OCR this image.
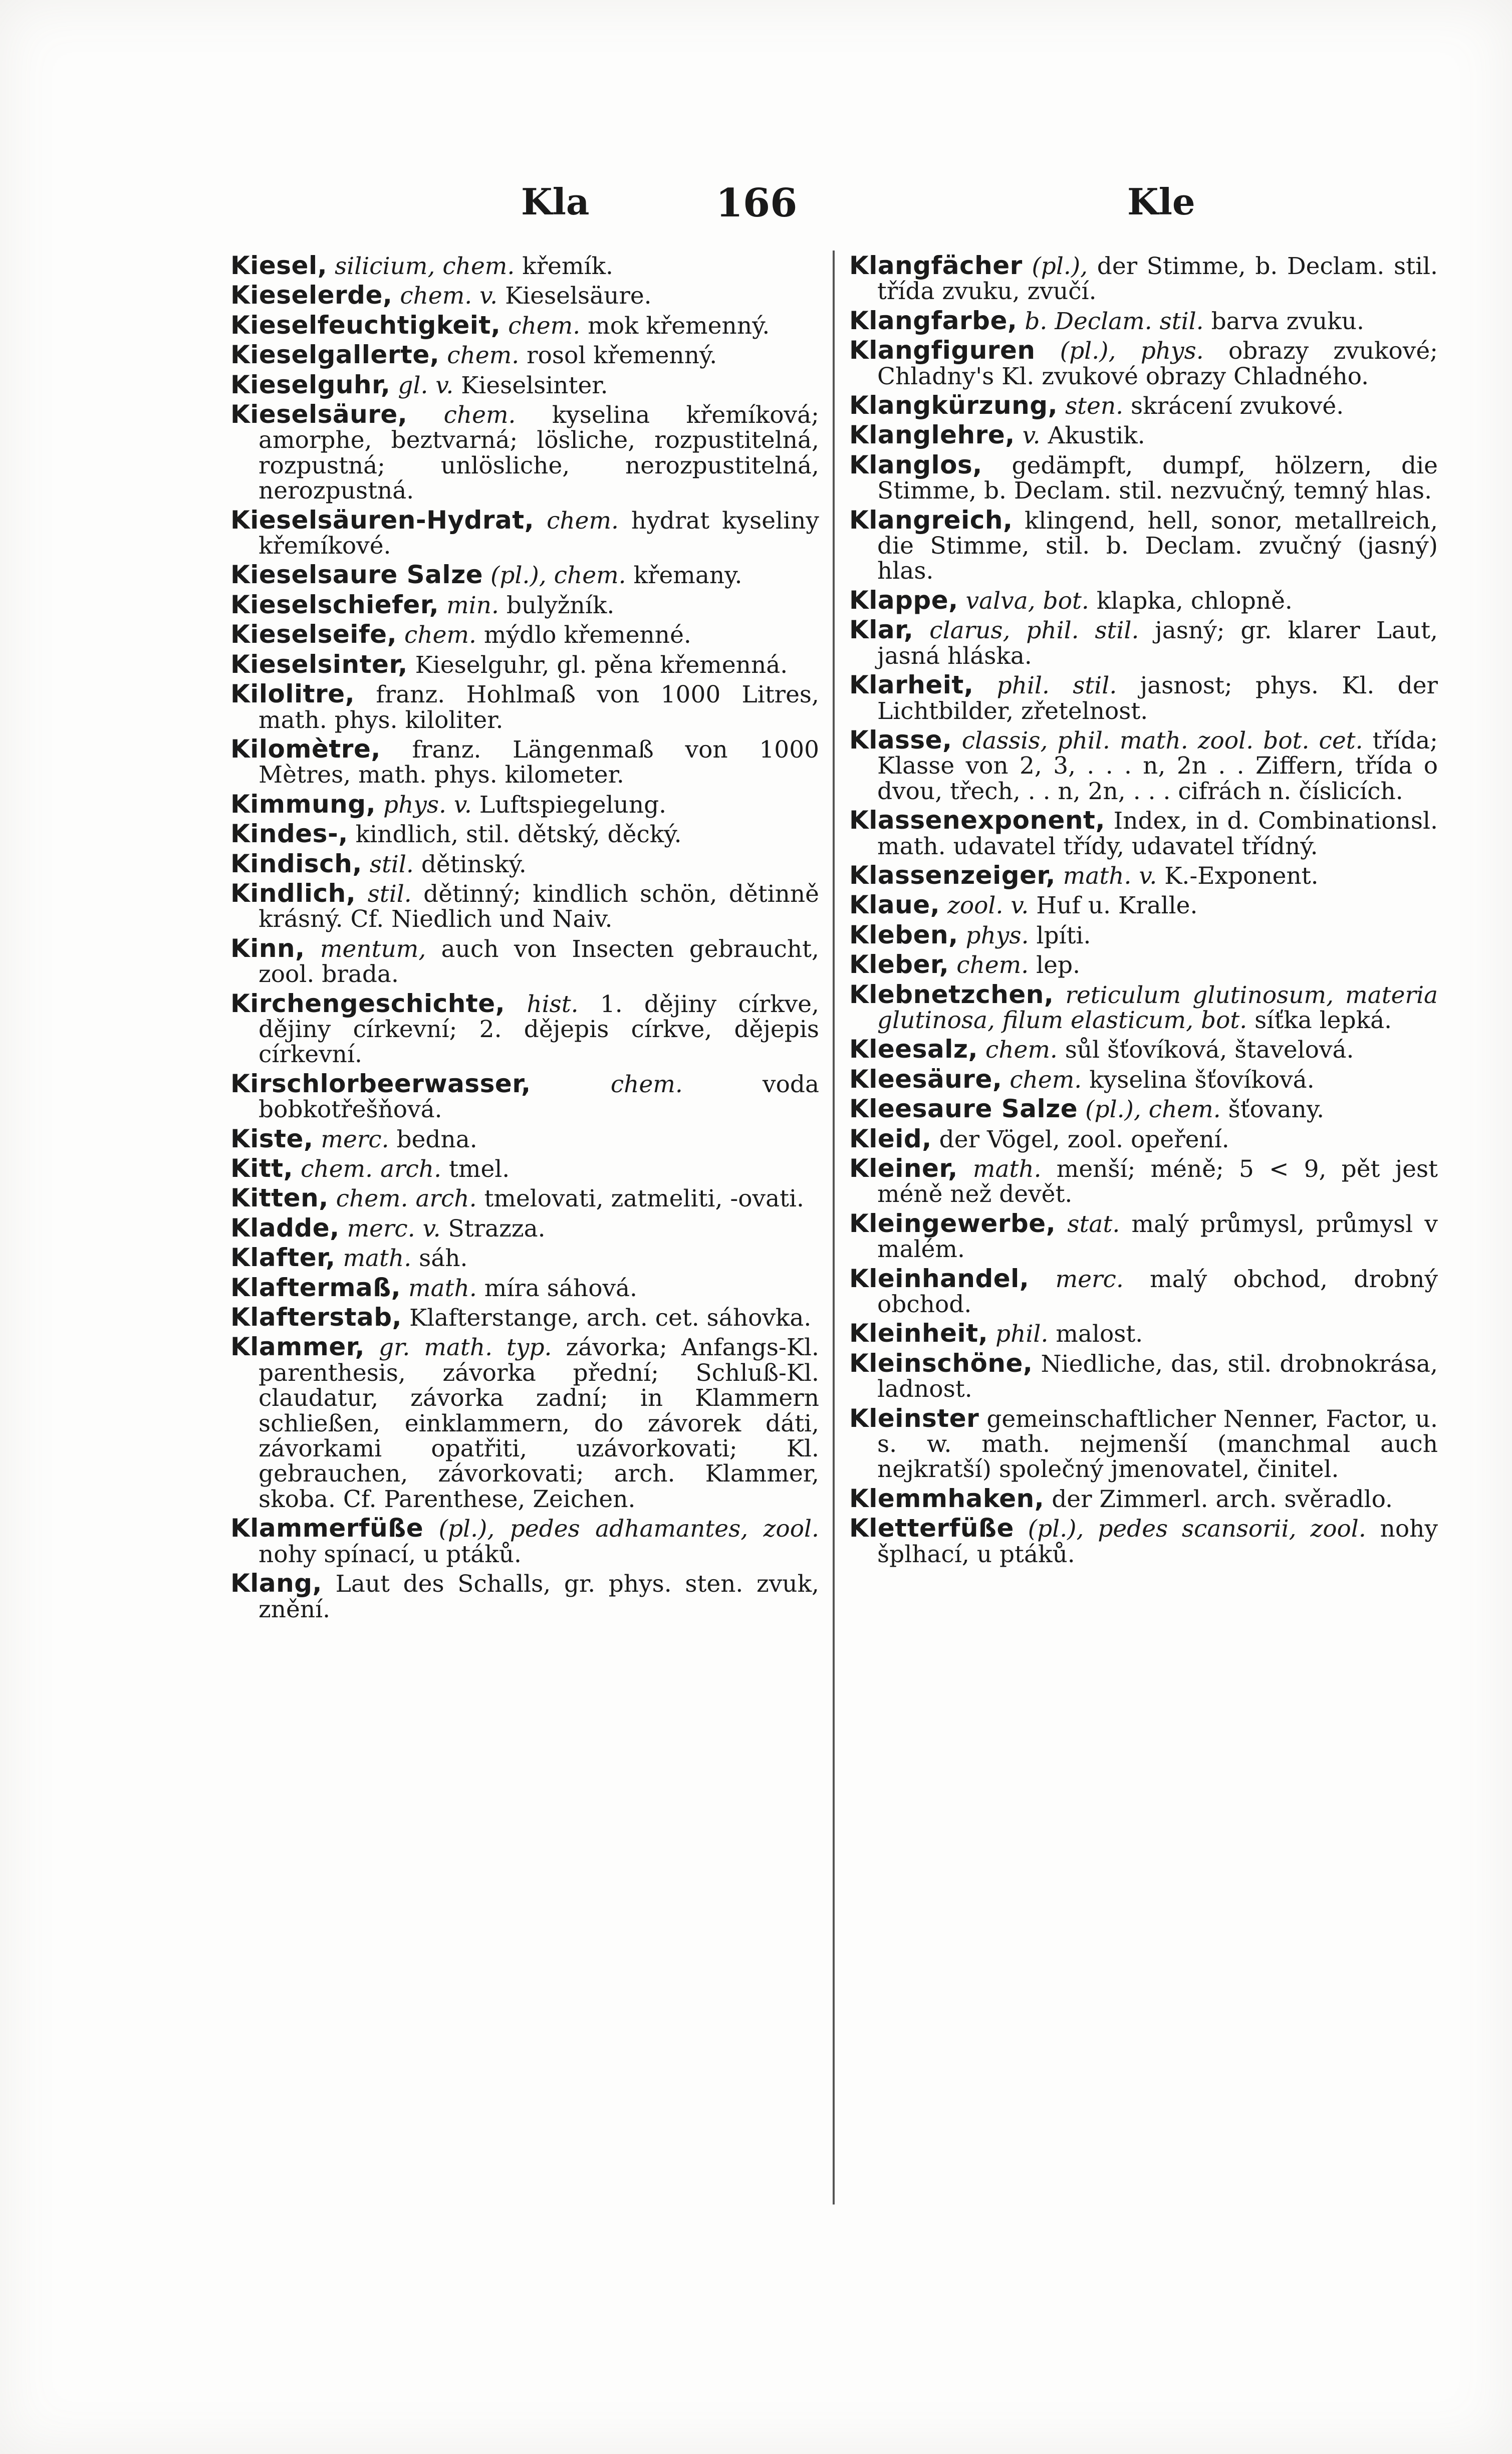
Kla	166	Kle

Kiesel, silicium, chem. křemík.

Kieselerde, chem. v. Kieselsäure.

Kieselfeuchtigkeit, chem. mok křemenný.

Kieselgallerte, chem. rosol křemenný.

Kieselguhr, gl. v. Kieselsinter.

Kieselsäure, chem. kyselina křemíková; amorphe, beztvarná; lösliche, rozpustitelná, rozpustná; unlösliche, nerozpustitelná, nerozpustná.

Kieselsäuren-Hydrat, chem. hydrat kyseliny křemíkové.

Kieselsaure Salze (pl.), chem. křemany.

Kieselschiefer, min. bulyžník.

Kieselseife, chem. mýdlo křemenné.

Kieselsinter, Kieselguhr, gl. pěna křemenná.

Kilolitre, franz. Hohlmaß von 1000 Litres, math. phys. kiloliter.

Kilomètre, franz. Längenmaß von 1000 Mètres, math. phys. kilometer.

Kimmung, phys. v. Luftspiegelung.

Kindes-, kindlich, stil. dětský, děcký.

Kindisch, stil. dětinský.

Kindlich, stil. dětinný; kindlich schön, dětinně krásný. Cf. Niedlich und Naiv.

Kinn, mentum, auch von Insecten gebraucht, zool. brada.

Kirchengeschichte, hist. 1. dějiny církve, dějiny církevní; 2. dějepis církve, dějepis církevní.

Kirschlorbeerwasser,	chem.	voda bobkotřešňová.

Kiste, merc. bedna.

Kitt, chem. arch. tmel.

Kitten, chem. arch. tmelovati, zatmeliti, -ovati.

Kladde, merc. v. Strazza.

Klafter, math. sáh.

Klaftermaß, math. míra sáhová.

Klafterstab, Klafterstange, arch. cet. sáhovka.

Klammer, gr. math. typ. závorka; Anfangs-Kl. parenthesis, závorka přední; Schluß-Kl. claudatur, závorka zadní; in Klammern schließen, einklammern, do závorek dáti, závorkami opatřiti, uzávorkovati; Kl. gebrauchen, závorkovati; arch. Klammer, skoba. Cf. Parenthese, Zeichen.

Klammerfüße (pl.), pedes adhamantes, zool. nohy spínací, u ptáků.

Klang, Laut des Schalls, gr. phys. sten. zvuk, znění.

Klangfächer (pl.), der Stimme, b. Declam. stil. třída zvuku, zvučí.

Klangfarbe, b. Declam. stil. barva zvuku.

Klangfiguren (pl.), phys. obrazy zvukové; Chladny's Kl. zvukové obrazy Chladného.

Klangkürzung, sten. skrácení zvukové.

Klanglehre, v. Akustik.

Klanglos, gedämpft, dumpf, hölzern, die Stimme, b. Declam. stil. nezvučný, temný hlas.

Klangreich, klingend, hell, sonor, metallreich, die Stimme, stil. b. Declam. zvučný (jasný) hlas.

Klappe, valva, bot. klapka, chlopně.

Klar, clarus, phil. stil. jasný; gr. klarer Laut, jasná hláska.

Klarheit, phil. stil. jasnost; phys. Kl. der Lichtbilder, zřetelnost.

Klasse, classis, phil. math. zool. bot. cet. třída; Klasse von 2, 3, . . . n, 2n . . Ziffern, třída o dvou, třech, . . n, 2n, . . . cifrách n. číslicích.

Klassenexponent, Index, in d. Combinationsl. math. udavatel třídy, udavatel třídný.

Klassenzeiger, math. v. K.-Exponent.

Klaue, zool. v. Huf u. Kralle.

Kleben, phys. lpíti.

Kleber, chem. lep.

Klebnetzchen, reticulum glutinosum, materia glutinosa, filum elasticum, bot. síťka lepká.

Kleesalz, chem. sůl šťovíková, štavelová.

Kleesäure, chem. kyselina šťovíková.

Kleesaure Salze (pl.), chem. šťovany.

Kleid, der Vögel, zool. opeření.

Kleiner, math. menší; méně; 5 < 9, pět jest méně než devět.

Kleingewerbe, stat. malý průmysl, průmysl v malém.

Kleinhandel, merc. malý obchod, drobný obchod.

Kleinheit, phil. malost.

Kleinschöne, Niedliche, das, stil. drobnokrása, ladnost.

Kleinster gemeinschaftlicher Nenner, Factor, u. s. w. math. nejmenší (manchmal auch nejkratší) společný jmenovatel, činitel.

Klemmhaken, der Zimmerl. arch. svěradlo.

Kletterfüße (pl.), pedes scansorii, zool. nohy šplhací, u ptáků.
